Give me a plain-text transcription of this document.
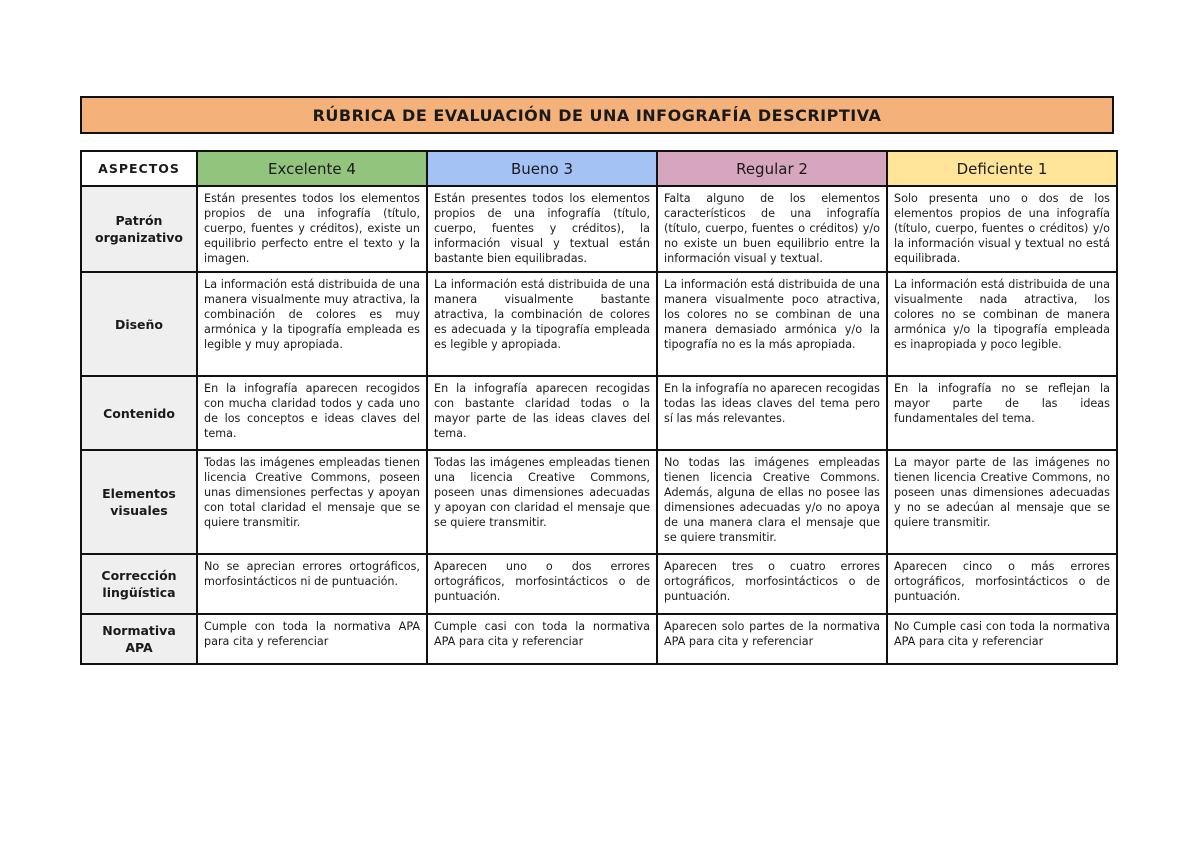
RÚBRICA DE EVALUACIÓN DE UNA INFOGRAFÍA DESCRIPTIVA
ASPECTOS	Excelente 4	Bueno 3	Regular 2	Deficiente 1
Patrón organizativo	Están presentes todos los elementos propios de una infografía (título, cuerpo, fuentes y créditos), existe un equilibrio perfecto entre el texto y la imagen.	Están presentes todos los elementos propios de una infografía (título, cuerpo, fuentes y créditos), la información visual y textual están bastante bien equilibradas.	Falta alguno de los elementos característicos de una infografía (título, cuerpo, fuentes o créditos) y/o no existe un buen equilibrio entre la información visual y textual.	Solo presenta uno o dos de los elementos propios de una infografía (título, cuerpo, fuentes o créditos) y/o la información visual y textual no está equilibrada.
Diseño	La información está distribuida de una manera visualmente muy atractiva, la combinación de colores es muy armónica y la tipografía empleada es legible y muy apropiada.	La información está distribuida de una manera visualmente bastante atractiva, la combinación de colores es adecuada y la tipografía empleada es legible y apropiada.	La información está distribuida de una manera visualmente poco atractiva, los colores no se combinan de una manera demasiado armónica y/o la tipografía no es la más apropiada.	La información está distribuida de una visualmente nada atractiva, los colores no se combinan de manera armónica y/o la tipografía empleada es inapropiada y poco legible.
Contenido	En la infografía aparecen recogidos con mucha claridad todos y cada uno de los conceptos e ideas claves del tema.	En la infografía aparecen recogidas con bastante claridad todas o la mayor parte de las ideas claves del tema.	En la infografía no aparecen recogidas todas las ideas claves del tema pero sí las más relevantes.	En la infografía no se reflejan la mayor parte de las ideas fundamentales del tema.
Elementos visuales	Todas las imágenes empleadas tienen licencia Creative Commons, poseen unas dimensiones perfectas y apoyan con total claridad el mensaje que se quiere transmitir.	Todas las imágenes empleadas tienen una licencia Creative Commons, poseen unas dimensiones adecuadas y apoyan con claridad el mensaje que se quiere transmitir.	No todas las imágenes empleadas tienen licencia Creative Commons. Además, alguna de ellas no posee las dimensiones adecuadas y/o no apoya de una manera clara el mensaje que se quiere transmitir.	La mayor parte de las imágenes no tienen licencia Creative Commons, no poseen unas dimensiones adecuadas y no se adecúan al mensaje que se quiere transmitir.
Corrección lingüística	No se aprecian errores ortográficos, morfosintácticos ni de puntuación.	Aparecen uno o dos errores ortográficos, morfosintácticos o de puntuación.	Aparecen tres o cuatro errores ortográficos, morfosintácticos o de puntuación.	Aparecen cinco o más errores ortográficos, morfosintácticos o de puntuación.
Normativa APA	Cumple con toda la normativa APA para cita y referenciar	Cumple casi con toda la normativa APA para cita y referenciar	Aparecen solo partes de la normativa APA para cita y referenciar	No Cumple casi con toda la normativa APA para cita y referenciar
